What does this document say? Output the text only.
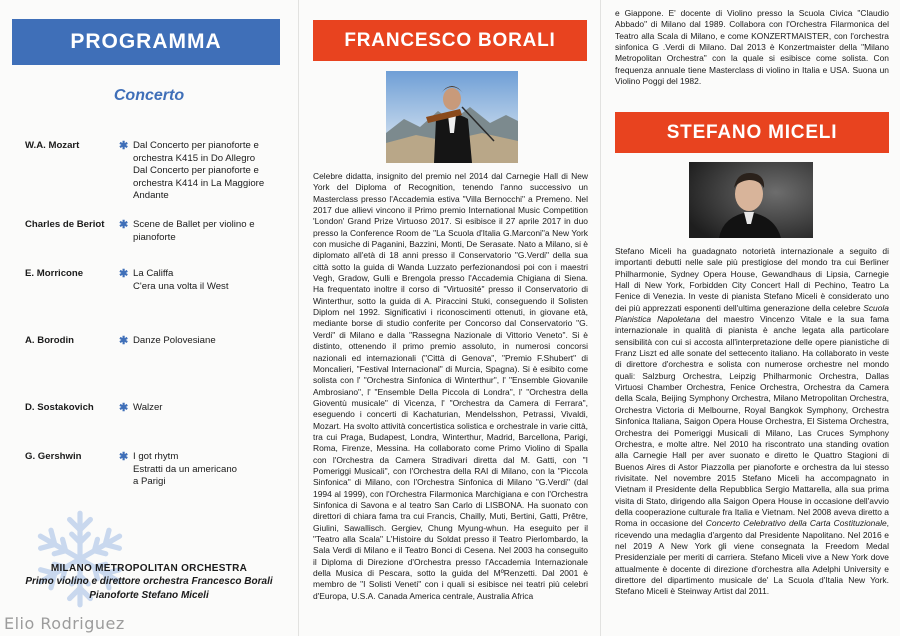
PROGRAMMA
Concerto
W.A. Mozart	✱ Dal Concerto per pianoforte e
orchestra K415 in Do Allegro
Dal Concerto per pianoforte e
orchestra K414 in La Maggiore
Andante
Charles de Beriot	✱ Scene de Ballet per violino e
pianoforte
E. Morricone	✱ La Califfa
C'era una volta il West
A. Borodin	✱ Danze Polovesiane
D. Sostakovich	✱ Walzer
G. Gershwin	✱ I got rhytm
Estratti da un americano
a Parigi
MILANO METROPOLITAN ORCHESTRA
Primo violino e direttore orchestra Francesco Borali
Pianoforte Stefano Miceli
Elio Rodriguez
FRANCESCO BORALI
Celebre didatta, insignito del premio nel 2014 dal Carnegie Hall di New York del Diploma of Recognition, tenendo l'anno successivo un Masterclass presso l'Accademia estiva "Villa Bernocchi" a Premeno. Nel 2017 due allievi vincono il Primo premio International Music Competition 'London' Grand Prize Virtuoso 2017. Si esibisce il 27 aprile 2017 in duo presso la Conference Room de "La Scuola d'Italia G.Marconi"a New York con musiche di Paganini, Bazzini, Monti, De Serasate. Nato a Milano, si è diplomato all'età di 18 anni presso il Conservatorio "G.Verdi" della sua città sotto la guida di Wanda Luzzato perfezionandosi poi con i maestri Vegh, Gradow, Gulli e Brengola presso l'Accademia Chigiana di Siena. Ha frequentato inoltre il corso di "Virtuosité" presso il Conservatorio di Winterthur, sotto la guida di A. Piraccini Stuki, conseguendo il Solisten Diplom nel 1992. Significativi i riconoscimenti ottenuti, in giovane età, mediante borse di studio conferite per Concorso dal Conservatorio "G. Verdi" di Milano e dalla "Rassegna Nazionale di Vittorio Veneto". Si è distinto, ottenendo il primo premio assoluto, in numerosi concorsi nazionali ed internazionali ("Città di Genova", "Premio F.Shubert" di Moncalieri, "Festival Internacional" di Murcia, Spagna). Si è esibito come solista con l' "Orchestra Sinfonica di Winterthur", l' "Ensemble Giovanile Ambrosiano", l' "Ensemble Della Piccola di Londra", l' "Orchestra della Gioventù musicale" di Vicenza, l' "Orchestra da Camera di Ferrara", eseguendo i concerti di Kachaturian, Mendelsshon, Petrassi, Vivaldi, Mozart. Ha svolto attività concertistica solistica e orchestrale in varie città, tra cui Praga, Budapest, Londra, Winterthur, Madrid, Barcellona, Parigi, Roma, Firenze, Messina. Ha collaborato come Primo Violino di Spalla con l'Orchestra da Camera Stradivari diretta dal M. Gatti, con "I Pomeriggi Musicali", con l'Orchestra della RAI di Milano, con la "Piccola Sinfonica" di Milano, con l'Orchestra Sinfonica di Milano "G.Verdi" (dal 1994 al 1999), con l'Orchestra Filarmonica Marchigiana e con l'Orchestra Sinfonica di Savona e al teatro San Carlo di LISBONA. Ha suonato con direttori di chiara fama tra cui Francis, Chailly, Muti, Bertini, Gatti, Prêtre, Giulini, Sawallisch. Gergiev, Chung Myung-whun. Ha eseguito per il "Teatro alla Scala" L'Histoire du Soldat presso il Teatro Pierlombardo, la Sala Verdi di Milano e il Teatro Bonci di Cesena. Nel 2003 ha conseguito il Diploma di Direzione d'Orchestra presso l'Accademia Internazionale della Musica di Pescara, sotto la guida del MºRenzetti. Dal 2001 è membro de "I Solisti Veneti" con i quali si esibisce nei teatri più celebri d'Europa, U.S.A. Canada America centrale, Australia Africa
e Giappone. E' docente di Violino presso la Scuola Civica "Claudio Abbado" di Milano dal 1989. Collabora con l'Orchestra Filarmonica del Teatro alla Scala di Milano, e come KONZERTMAISTER, con l'orchestra sinfonica G .Verdi di Milano. Dal 2013 è Konzertmaister della "Milano Metropolitan Orchestra" con la quale si esibisce come solista. Con frequenza annuale tiene Masterclass di violino in Italia e USA. Suona un Violino Poggi del 1982.
STEFANO MICELI
Stefano Miceli ha guadagnato notorietà internazionale a seguito di importanti debutti nelle sale più prestigiose del mondo tra cui Berliner Philharmonie, Sydney Opera House, Gewandhaus di Lipsia, Carnegie Hall di New York, Forbidden City Concert Hall di Pechino, Teatro La Fenice di Venezia. In veste di pianista Stefano Miceli è considerato uno dei più apprezzati esponenti dell'ultima generazione della celebre Scuola Pianistica Napoletana del maestro Vincenzo Vitale e la sua fama internazionale in qualità di pianista è anche legata alla particolare sensibilità con cui si accosta all'interpretazione delle opere pianistiche di Franz Liszt ed alle sonate del settecento italiano. Ha collaborato in veste di direttore d'orchestra e solista con numerose orchestre nel mondo quali: Salzburg Orchestra, Leipzig Philharmonic Orchestra, Dallas Virtuosi Chamber Orchestra, Fenice Orchestra, Orchestra da Camera della Scala, Beijing Symphony Orchestra, Milano Metropolitan Orchestra, Orchestra Victoria di Melbourne, Royal Bangkok Symphony, Orchestra Sinfonica Italiana, Saigon Opera House Orchestra, El Sistema Orchestra, Orchestra dei Pomeriggi Musicali di Milano, Las Cruces Symphony Orchestra, e molte altre. Nel 2010 ha riscontrato una standing ovation alla Carnegie Hall per aver suonato e diretto le Quattro Stagioni di Buenos Aires di Astor Piazzolla per pianoforte e orchestra da lui stesso rivisitate. Nel novembre 2015 Stefano Miceli ha accompagnato in Vietnam il Presidente della Repubblica Sergio Mattarella, alla sua prima visita di Stato, dirigendo alla Saigon Opera House in occasione dell'avvio della cooperazione culturale fra Italia e Vietnam. Nel 2008 aveva diretto a Roma in occasione del Concerto Celebrativo della Carta Costituzionale, ricevendo una medaglia d'argento dal Presidente Napolitano. Nel 2016 e nel 2019 A New York gli viene consegnata la Freedom Medal Presidenziale per meriti di carriera. Stefano Miceli vive a New York dove attualmente è docente di direzione d'orchestra alla Adelphi University e direttore del dipartimento musicale de' La Scuola d'Italia New York. Stefano Miceli è Steinway Artist dal 2011.
